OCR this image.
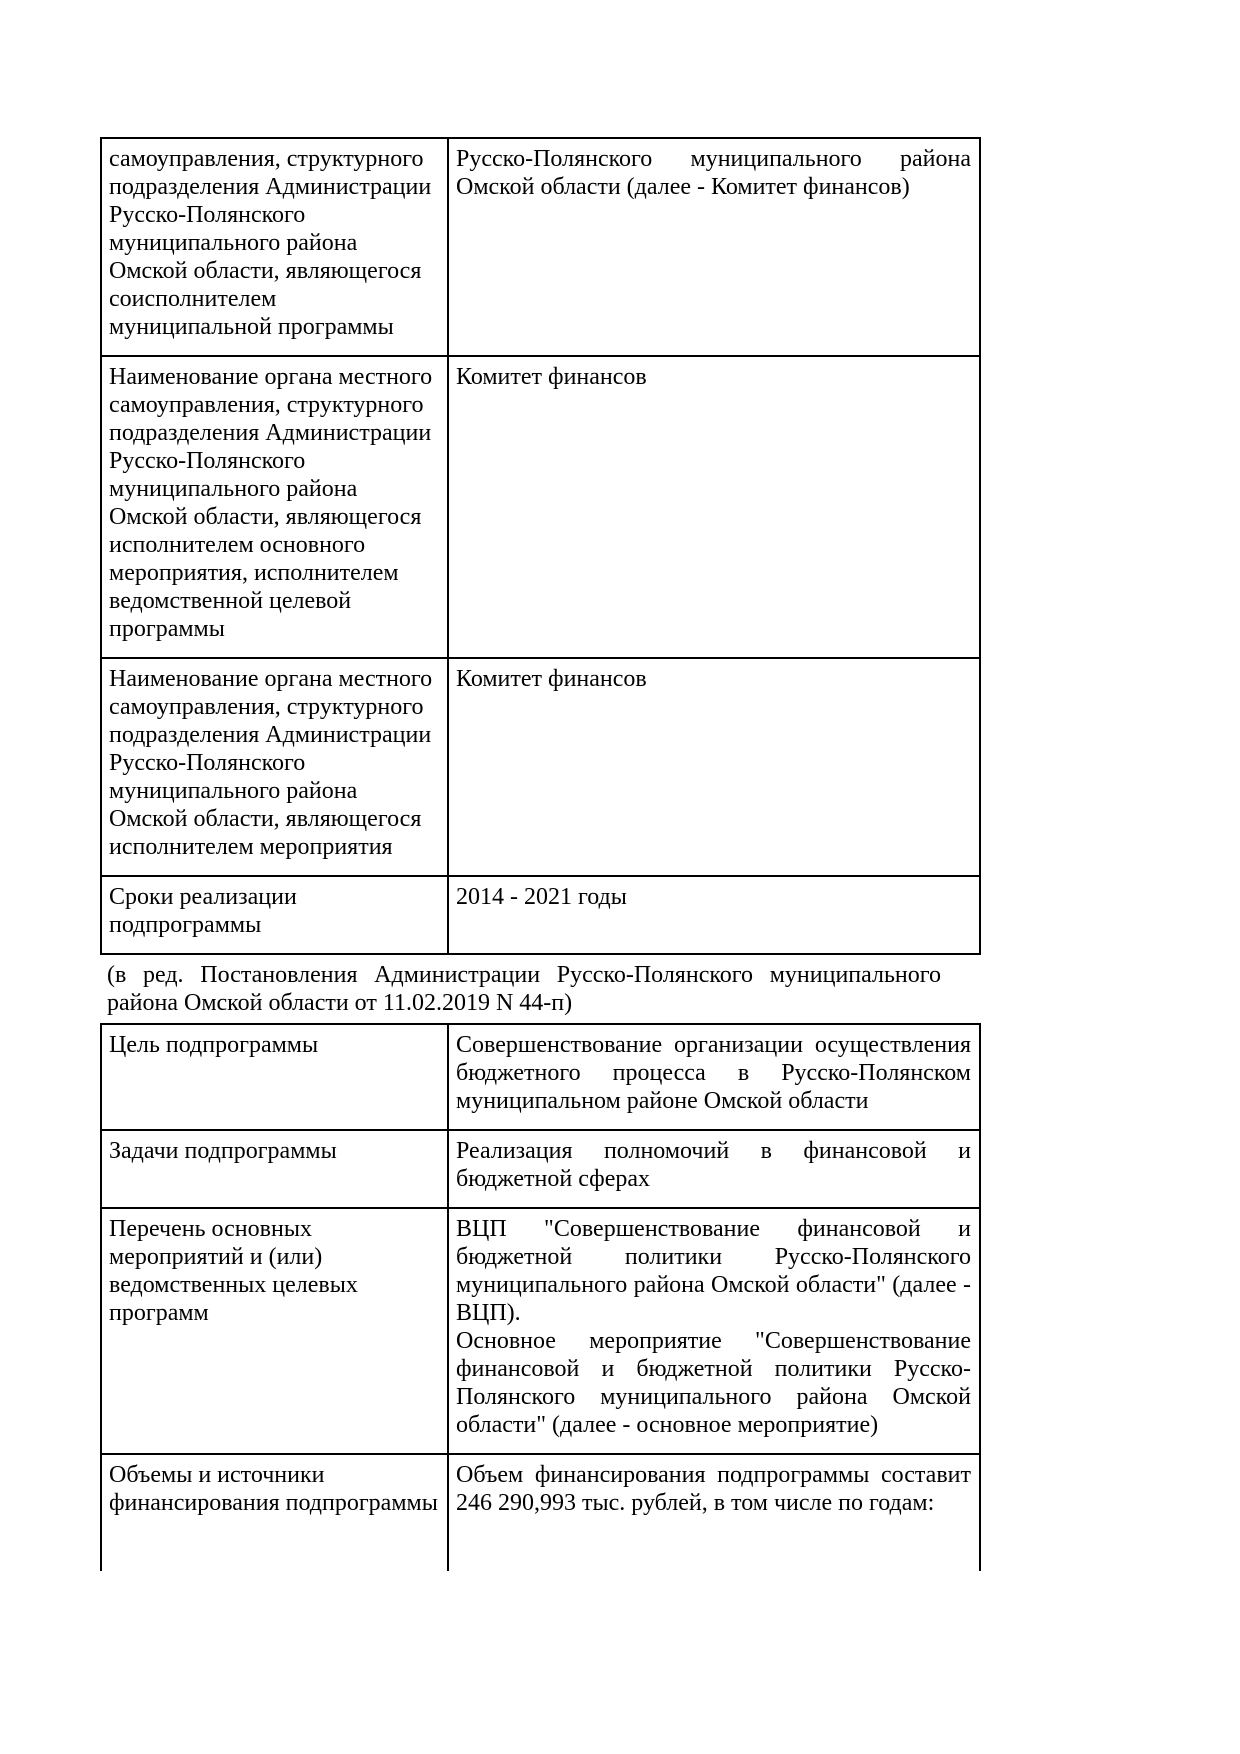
самоуправления, структурного подразделения Администрации Русско-Полянского муниципального района Омской области, являющегося соисполнителем муниципальной программы	Русско-Полянского муниципального района Омской области (далее - Комитет финансов)
Наименование органа местного самоуправления, структурного подразделения Администрации Русско-Полянского муниципального района Омской области, являющегося исполнителем основного мероприятия, исполнителем ведомственной целевой программы	Комитет финансов
Наименование органа местного самоуправления, структурного подразделения Администрации Русско-Полянского муниципального района Омской области, являющегося исполнителем мероприятия	Комитет финансов
Сроки реализации подпрограммы	2014 - 2021 годы

(в ред. Постановления Администрации Русско-Полянского муниципального района Омской области от 11.02.2019 N 44-п)

Цель подпрограммы	Совершенствование организации осуществления бюджетного процесса в Русско-Полянском муниципальном районе Омской области
Задачи подпрограммы	Реализация полномочий в финансовой и бюджетной сферах
Перечень основных мероприятий и (или) ведомственных целевых программ	ВЦП "Совершенствование финансовой и бюджетной политики Русско-Полянского муниципального района Омской области" (далее - ВЦП).

Основное мероприятие "Совершенствование финансовой и бюджетной политики Русско-Полянского муниципального района Омской области" (далее - основное мероприятие)

Объемы и источники финансирования подпрограммы	Объем финансирования подпрограммы составит 246 290,993 тыс. рублей, в том числе по годам:
